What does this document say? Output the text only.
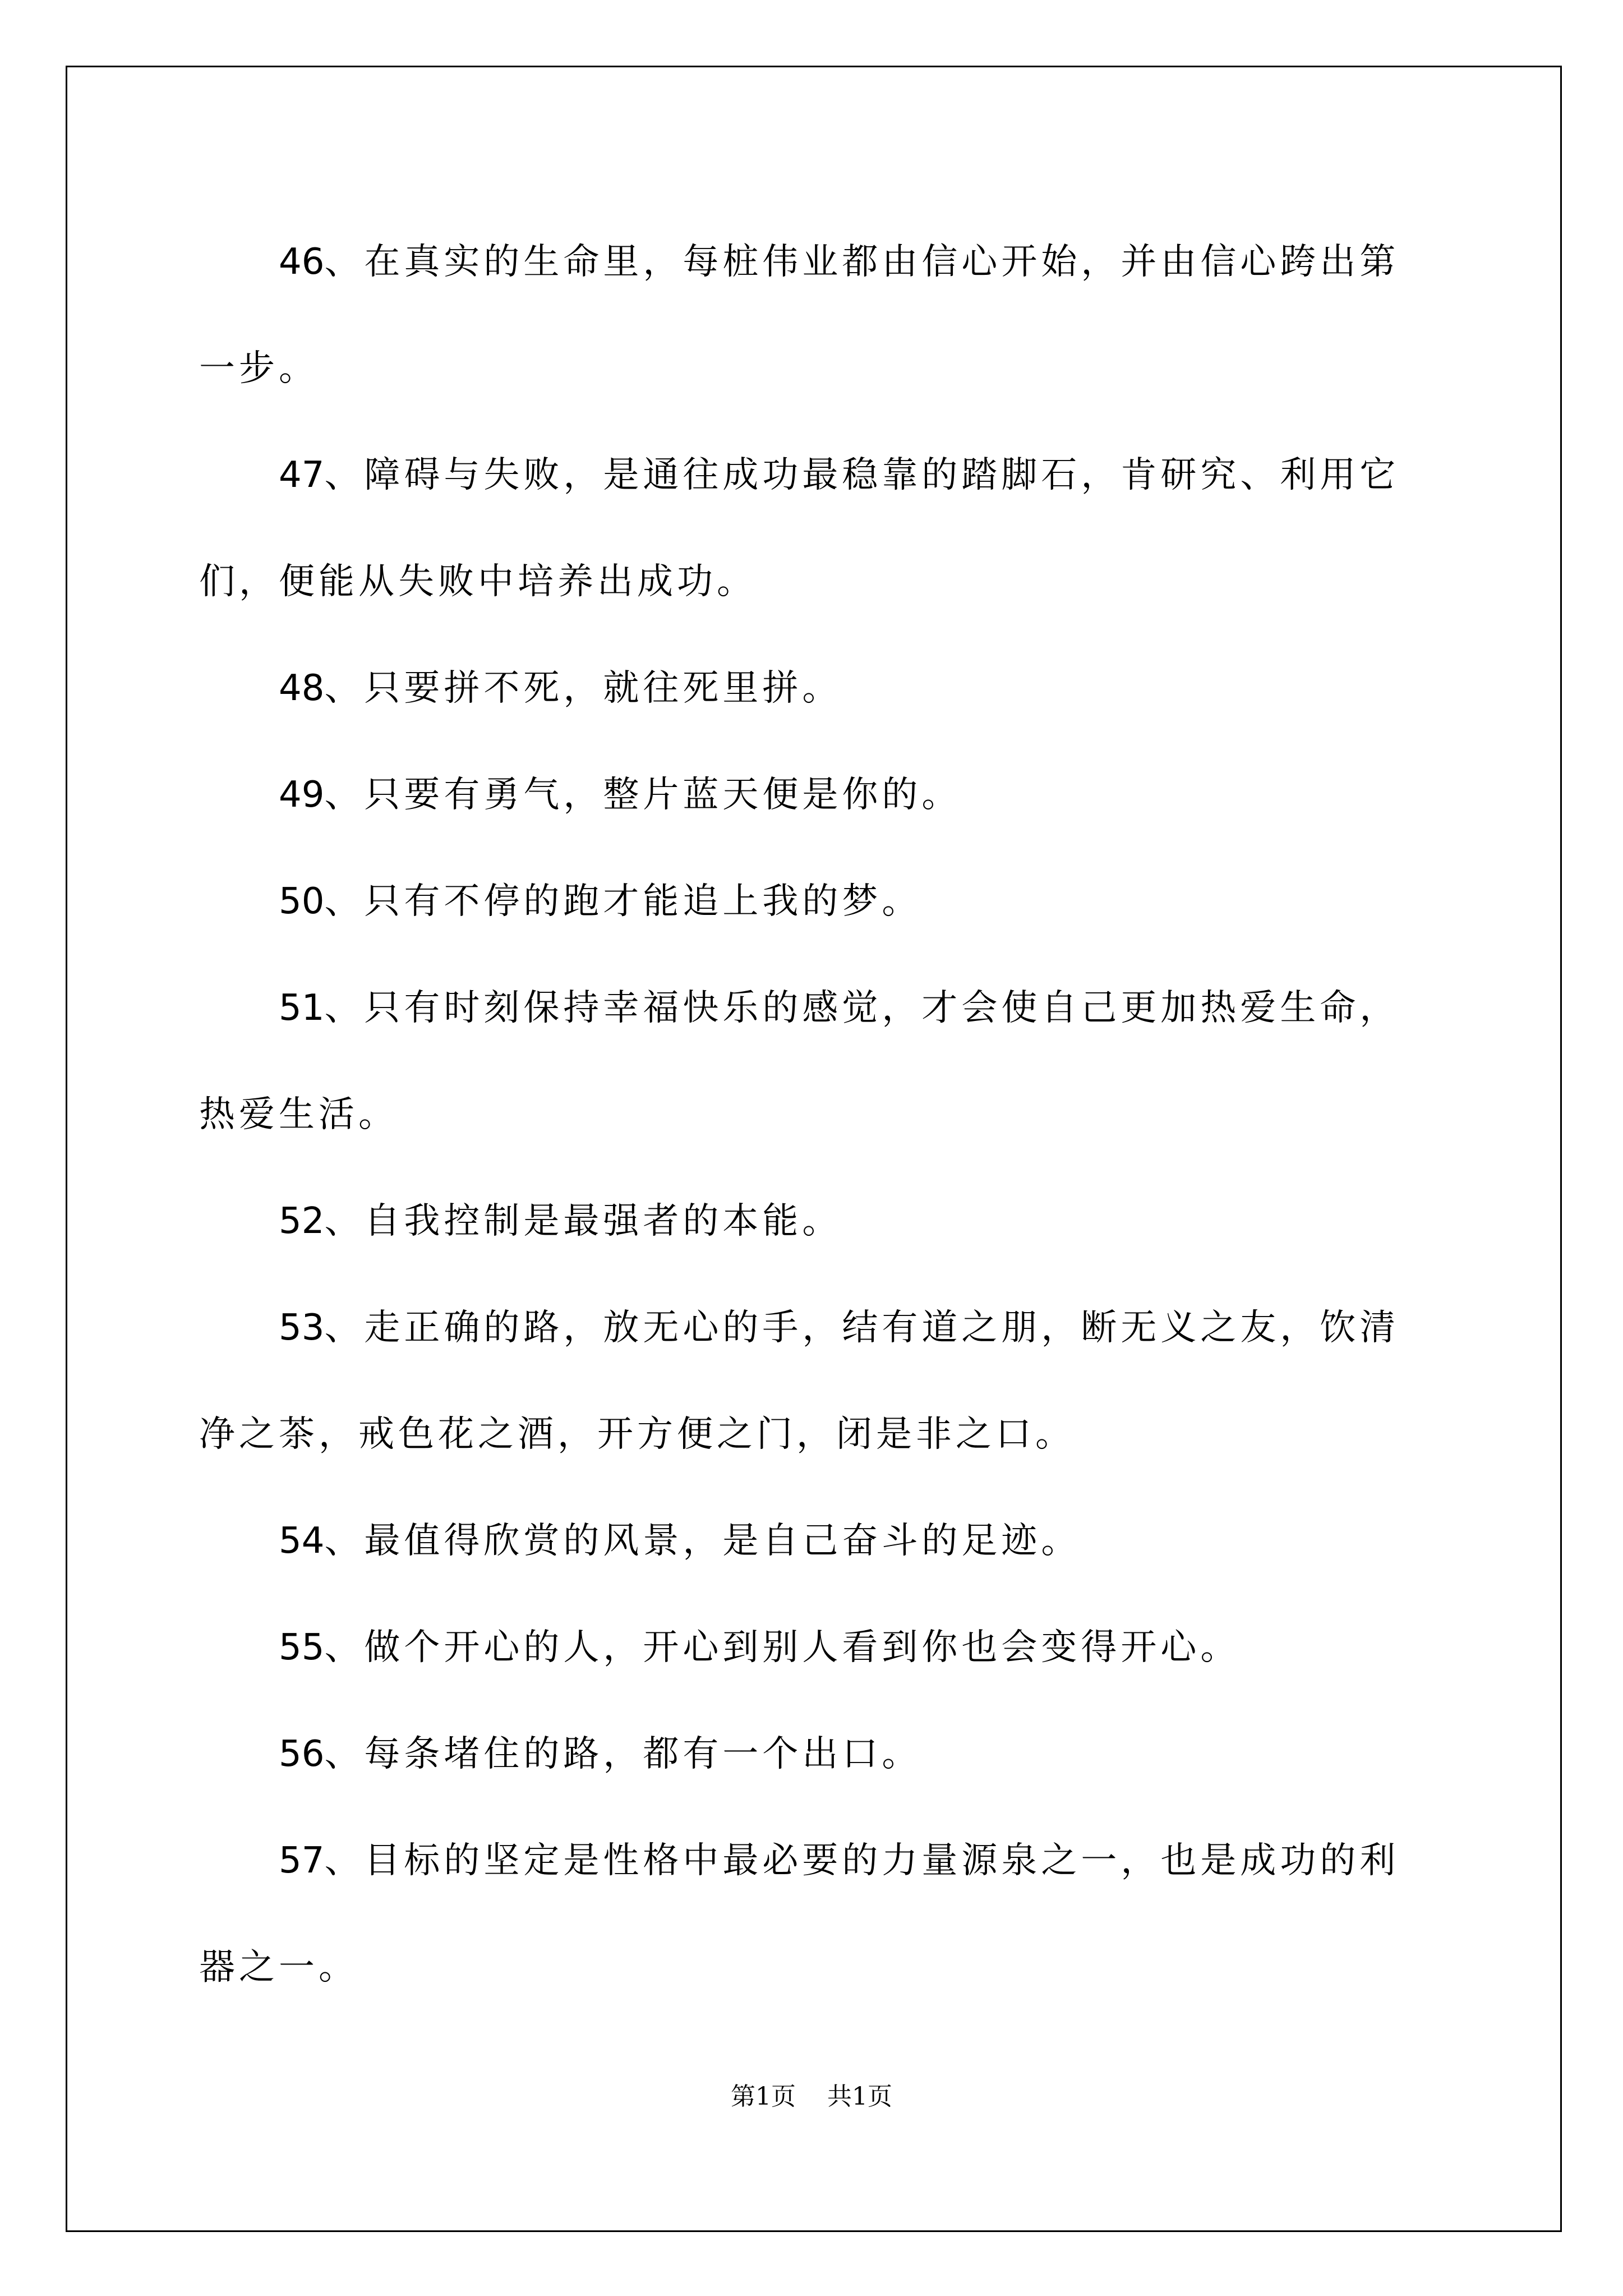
46、在真实的生命里，每桩伟业都由信心开始，并由信心跨出第一步。

47、障碍与失败，是通往成功最稳靠的踏脚石，肯研究、利用它们，便能从失败中培养出成功。

48、只要拼不死，就往死里拼。

49、只要有勇气，整片蓝天便是你的。

50、只有不停的跑才能追上我的梦。

51、只有时刻保持幸福快乐的感觉，才会使自己更加热爱生命，热爱生活。

52、自我控制是最强者的本能。

53、走正确的路，放无心的手，结有道之朋，断无义之友，饮清净之茶，戒色花之酒，开方便之门，闭是非之口。

54、最值得欣赏的风景，是自己奋斗的足迹。

55、做个开心的人，开心到别人看到你也会变得开心。

56、每条堵住的路，都有一个出口。

57、目标的坚定是性格中最必要的力量源泉之一，也是成功的利器之一。

第1页 共1页
